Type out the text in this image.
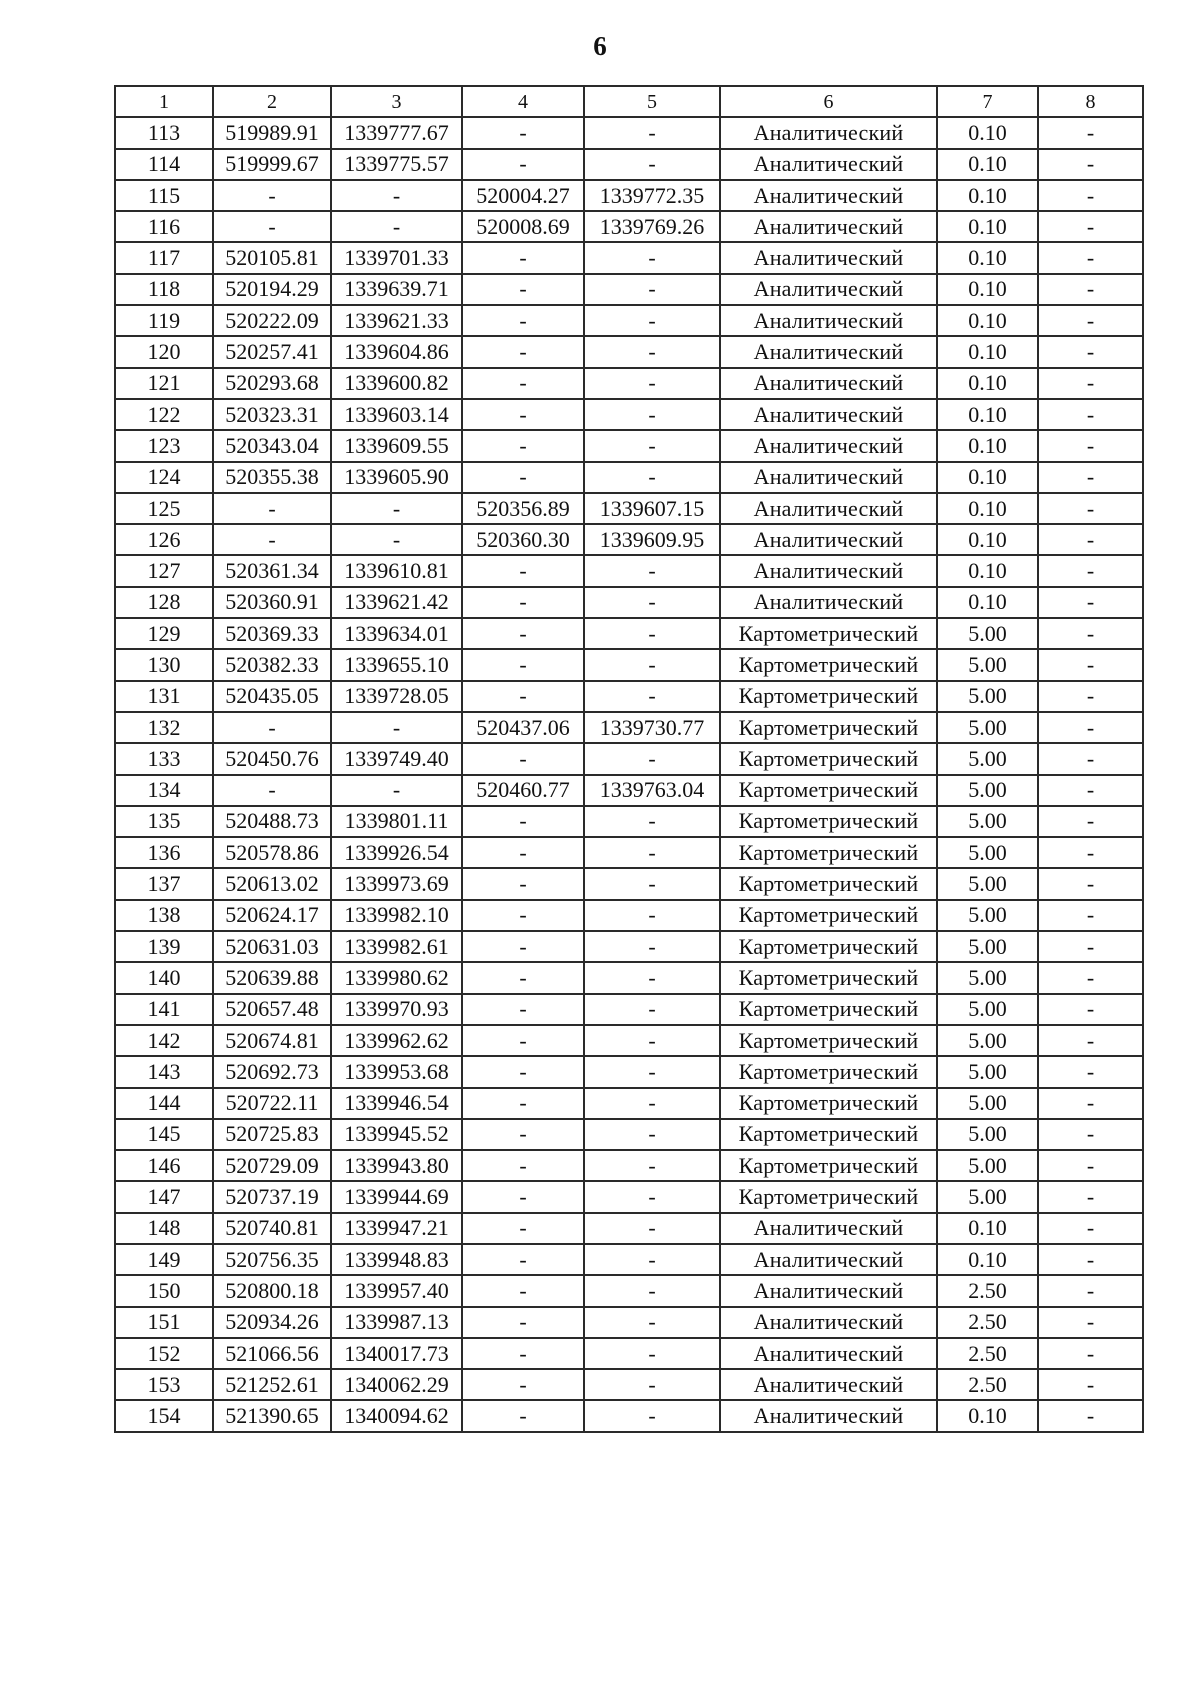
6
1	2	3	4	5	6	7	8
113	519989.91	1339777.67	-	-	Аналитический	0.10	-
114	519999.67	1339775.57	-	-	Аналитический	0.10	-
115	-	-	520004.27	1339772.35	Аналитический	0.10	-
116	-	-	520008.69	1339769.26	Аналитический	0.10	-
117	520105.81	1339701.33	-	-	Аналитический	0.10	-
118	520194.29	1339639.71	-	-	Аналитический	0.10	-
119	520222.09	1339621.33	-	-	Аналитический	0.10	-
120	520257.41	1339604.86	-	-	Аналитический	0.10	-
121	520293.68	1339600.82	-	-	Аналитический	0.10	-
122	520323.31	1339603.14	-	-	Аналитический	0.10	-
123	520343.04	1339609.55	-	-	Аналитический	0.10	-
124	520355.38	1339605.90	-	-	Аналитический	0.10	-
125	-	-	520356.89	1339607.15	Аналитический	0.10	-
126	-	-	520360.30	1339609.95	Аналитический	0.10	-
127	520361.34	1339610.81	-	-	Аналитический	0.10	-
128	520360.91	1339621.42	-	-	Аналитический	0.10	-
129	520369.33	1339634.01	-	-	Картометрический	5.00	-
130	520382.33	1339655.10	-	-	Картометрический	5.00	-
131	520435.05	1339728.05	-	-	Картометрический	5.00	-
132	-	-	520437.06	1339730.77	Картометрический	5.00	-
133	520450.76	1339749.40	-	-	Картометрический	5.00	-
134	-	-	520460.77	1339763.04	Картометрический	5.00	-
135	520488.73	1339801.11	-	-	Картометрический	5.00	-
136	520578.86	1339926.54	-	-	Картометрический	5.00	-
137	520613.02	1339973.69	-	-	Картометрический	5.00	-
138	520624.17	1339982.10	-	-	Картометрический	5.00	-
139	520631.03	1339982.61	-	-	Картометрический	5.00	-
140	520639.88	1339980.62	-	-	Картометрический	5.00	-
141	520657.48	1339970.93	-	-	Картометрический	5.00	-
142	520674.81	1339962.62	-	-	Картометрический	5.00	-
143	520692.73	1339953.68	-	-	Картометрический	5.00	-
144	520722.11	1339946.54	-	-	Картометрический	5.00	-
145	520725.83	1339945.52	-	-	Картометрический	5.00	-
146	520729.09	1339943.80	-	-	Картометрический	5.00	-
147	520737.19	1339944.69	-	-	Картометрический	5.00	-
148	520740.81	1339947.21	-	-	Аналитический	0.10	-
149	520756.35	1339948.83	-	-	Аналитический	0.10	-
150	520800.18	1339957.40	-	-	Аналитический	2.50	-
151	520934.26	1339987.13	-	-	Аналитический	2.50	-
152	521066.56	1340017.73	-	-	Аналитический	2.50	-
153	521252.61	1340062.29	-	-	Аналитический	2.50	-
154	521390.65	1340094.62	-	-	Аналитический	0.10	-
